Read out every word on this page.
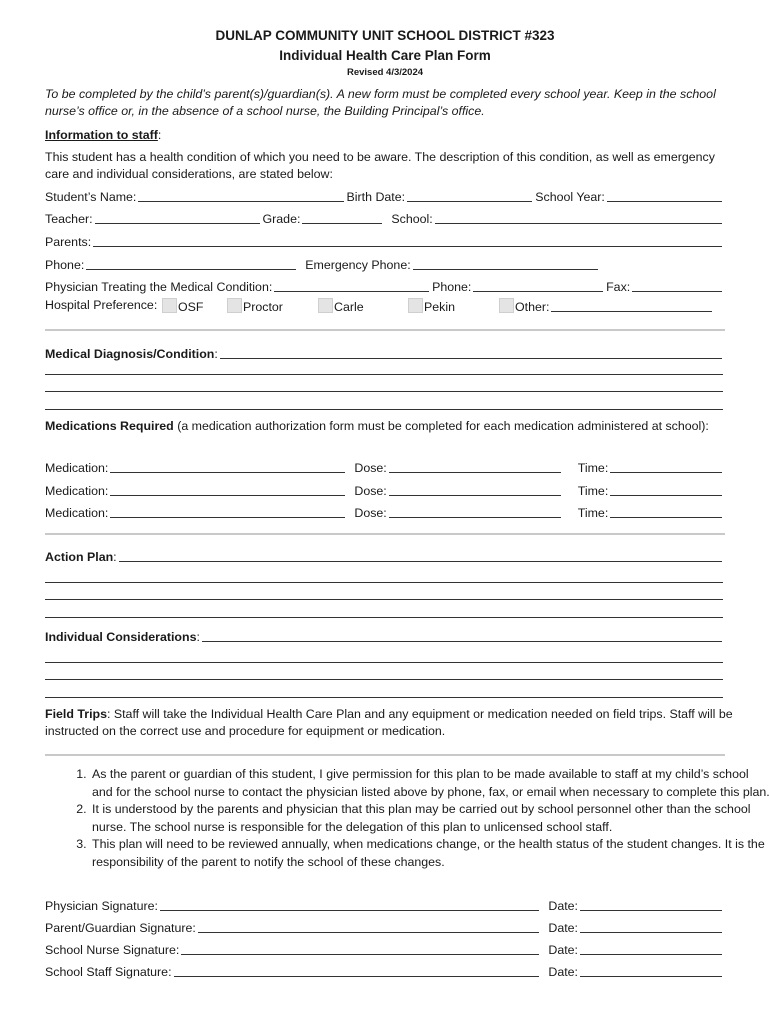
DUNLAP COMMUNITY UNIT SCHOOL DISTRICT #323
Individual Health Care Plan Form
Revised 4/3/2024
To be completed by the child’s parent(s)/guardian(s). A new form must be completed every school year. Keep in the school nurse’s office or, in the absence of a school nurse, the Building Principal’s office.
Information to staff:
This student has a health condition of which you need to be aware. The description of this condition, as well as emergency care and individual considerations, are stated below:
Student’s Name:	Birth Date:	School Year:
Teacher:	Grade:	School:
Parents:
Phone:	Emergency Phone:
Physician Treating the Medical Condition:	Phone:	Fax:
Hospital Preference: OSF	Proctor	Carle	Pekin	Other:
Medical Diagnosis/Condition :
Medications Required (a medication authorization form must be completed for each medication administered at school):
Medication:	Dose:	Time:
Medication:	Dose:	Time:
Medication:	Dose:	Time:
Action Plan :
Individual Considerations :
Field Trips: Staff will take the Individual Health Care Plan and any equipment or medication needed on field trips. Staff will be instructed on the correct use and procedure for equipment or medication.
1. As the parent or guardian of this student, I give permission for this plan to be made available to staff at my child’s school and for the school nurse to contact the physician listed above by phone, fax, or email when necessary to complete this plan.
2. It is understood by the parents and physician that this plan may be carried out by school personnel other than the school nurse. The school nurse is responsible for the delegation of this plan to unlicensed school staff.
3. This plan will need to be reviewed annually, when medications change, or the health status of the student changes. It is the responsibility of the parent to notify the school of these changes.
Physician Signature:	Date:
Parent/Guardian Signature:	Date:
School Nurse Signature:	Date:
School Staff Signature:	Date:
